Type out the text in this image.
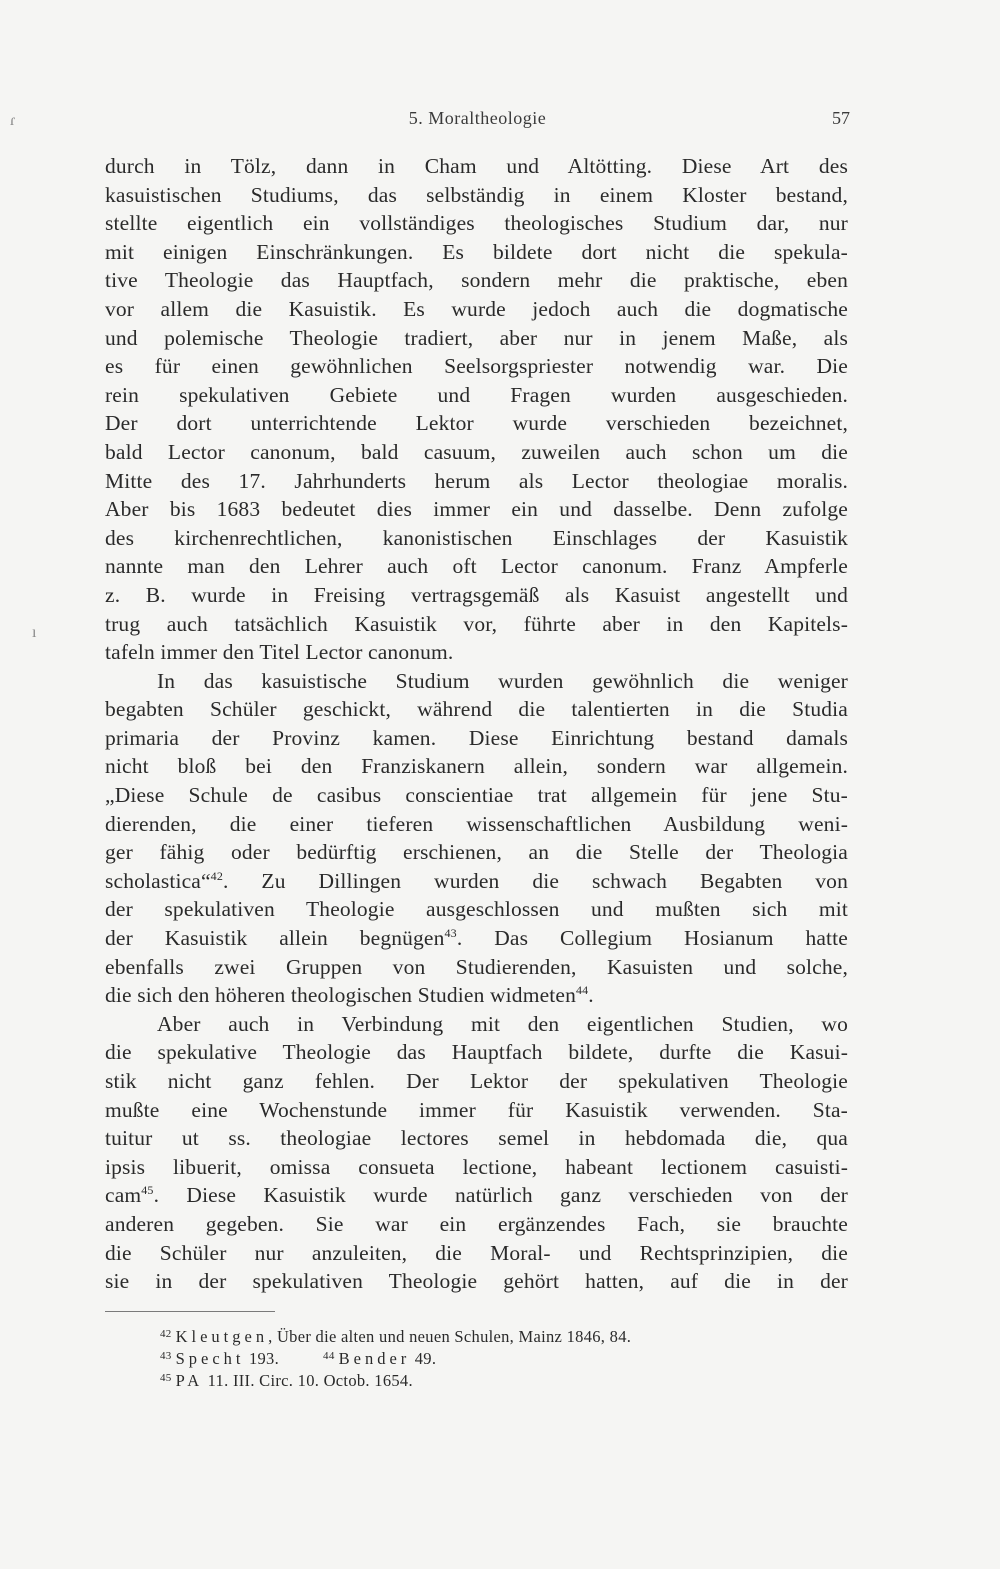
5. Moraltheologie	57
durch in Tölz, dann in Cham und Altötting. Diese Art des
kasuistischen Studiums, das selbständig in einem Kloster bestand,
stellte eigentlich ein vollständiges theologisches Studium dar, nur
mit einigen Einschränkungen. Es bildete dort nicht die spekula-
tive Theologie das Hauptfach, sondern mehr die praktische, eben
vor allem die Kasuistik. Es wurde jedoch auch die dogmatische
und polemische Theologie tradiert, aber nur in jenem Maße, als
es für einen gewöhnlichen Seelsorgspriester notwendig war. Die
rein spekulativen Gebiete und Fragen wurden ausgeschieden.
Der dort unterrichtende Lektor wurde verschieden bezeichnet,
bald Lector canonum, bald casuum, zuweilen auch schon um die
Mitte des 17. Jahrhunderts herum als Lector theologiae moralis.
Aber bis 1683 bedeutet dies immer ein und dasselbe. Denn zufolge
des kirchenrechtlichen, kanonistischen Einschlages der Kasuistik
nannte man den Lehrer auch oft Lector canonum. Franz Ampferle
z. B. wurde in Freising vertragsgemäß als Kasuist angestellt und
trug auch tatsächlich Kasuistik vor, führte aber in den Kapitels-
tafeln immer den Titel Lector canonum.
In das kasuistische Studium wurden gewöhnlich die weniger
begabten Schüler geschickt, während die talentierten in die Studia
primaria der Provinz kamen. Diese Einrichtung bestand damals
nicht bloß bei den Franziskanern allein, sondern war allgemein.
„Diese Schule de casibus conscientiae trat allgemein für jene Stu-
dierenden, die einer tieferen wissenschaftlichen Ausbildung weni-
ger fähig oder bedürftig erschienen, an die Stelle der Theologia
scholastica“$^{42}$. Zu Dillingen wurden die schwach Begabten von
der spekulativen Theologie ausgeschlossen und mußten sich mit
der Kasuistik allein begnügen$^{43}$. Das Collegium Hosianum hatte
ebenfalls zwei Gruppen von Studierenden, Kasuisten und solche,
die sich den höheren theologischen Studien widmeten$^{44}$.
Aber auch in Verbindung mit den eigentlichen Studien, wo
die spekulative Theologie das Hauptfach bildete, durfte die Kasui-
stik nicht ganz fehlen. Der Lektor der spekulativen Theologie
mußte eine Wochenstunde immer für Kasuistik verwenden. Sta-
tuitur ut ss. theologiae lectores semel in hebdomada die, qua
ipsis libuerit, omissa consueta lectione, habeant lectionem casuisti-
cam$^{45}$. Diese Kasuistik wurde natürlich ganz verschieden von der
anderen gegeben. Sie war ein ergänzendes Fach, sie brauchte
die Schüler nur anzuleiten, die Moral- und Rechtsprinzipien, die
sie in der spekulativen Theologie gehört hatten, auf die in der
$^{42}$ Kleutgen, Über die alten und neuen Schulen, Mainz 1846, 84.
$^{43}$ Specht 193.	$^{44}$ Bender 49.
$^{45}$ PA 11. III. Circ. 10. Octob. 1654.
ɾ
ı
